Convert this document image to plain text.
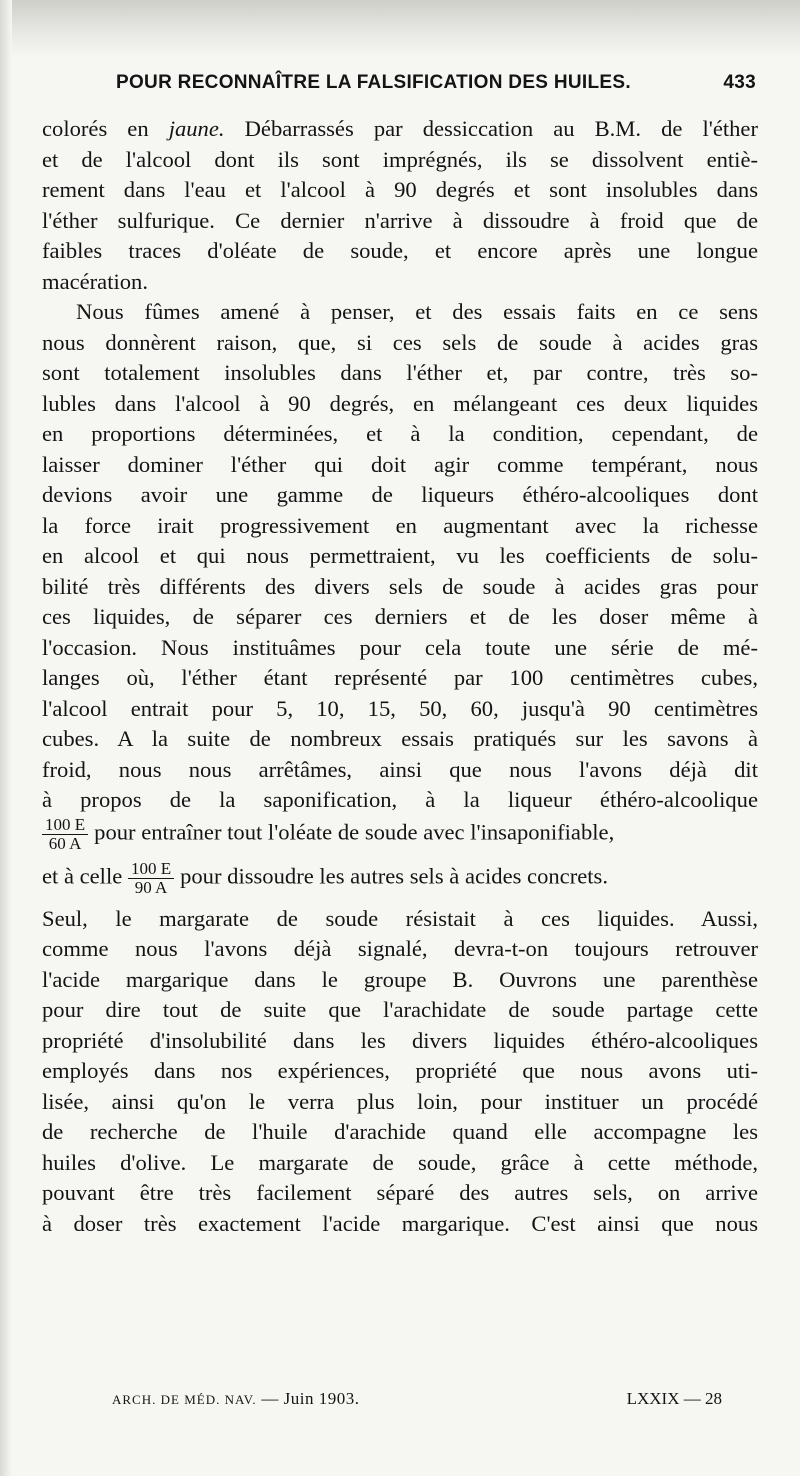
POUR RECONNAÎTRE LA FALSIFICATION DES HUILES.	433
colorés en jaune. Débarrassés par dessiccation au B.M. de l'éther
et de l'alcool dont ils sont imprégnés, ils se dissolvent entiè-
rement dans l'eau et l'alcool à 90 degrés et sont insolubles dans
l'éther sulfurique. Ce dernier n'arrive à dissoudre à froid que de
faibles traces d'oléate de soude, et encore après une longue
macération.
Nous fûmes amené à penser, et des essais faits en ce sens
nous donnèrent raison, que, si ces sels de soude à acides gras
sont totalement insolubles dans l'éther et, par contre, très so-
lubles dans l'alcool à 90 degrés, en mélangeant ces deux liquides
en proportions déterminées, et à la condition, cependant, de
laisser dominer l'éther qui doit agir comme tempérant, nous
devions avoir une gamme de liqueurs éthéro-alcooliques dont
la force irait progressivement en augmentant avec la richesse
en alcool et qui nous permettraient, vu les coefficients de solu-
bilité très différents des divers sels de soude à acides gras pour
ces liquides, de séparer ces derniers et de les doser même à
l'occasion. Nous instituâmes pour cela toute une série de mé-
langes où, l'éther étant représenté par 100 centimètres cubes,
l'alcool entrait pour 5, 10, 15, 50, 60, jusqu'à 90 centimètres
cubes. A la suite de nombreux essais pratiqués sur les savons à
froid, nous nous arrêtâmes, ainsi que nous l'avons déjà dit
à propos de la saponification, à la liqueur éthéro-alcoolique
$\frac{100 E}{60 A}$ pour entraîner tout l'oléate de soude avec l'insaponifiable,
et à celle $\frac{100 E}{90 A}$ pour dissoudre les autres sels à acides concrets.
Seul, le margarate de soude résistait à ces liquides. Aussi,
comme nous l'avons déjà signalé, devra-t-on toujours retrouver
l'acide margarique dans le groupe B. Ouvrons une parenthèse
pour dire tout de suite que l'arachidate de soude partage cette
propriété d'insolubilité dans les divers liquides éthéro-alcooliques
employés dans nos expériences, propriété que nous avons uti-
lisée, ainsi qu'on le verra plus loin, pour instituer un procédé
de recherche de l'huile d'arachide quand elle accompagne les
huiles d'olive. Le margarate de soude, grâce à cette méthode,
pouvant être très facilement séparé des autres sels, on arrive
à doser très exactement l'acide margarique. C'est ainsi que nous
ARCH. DE MÉD. NAV. — Juin 1903.	LXXIX — 28
